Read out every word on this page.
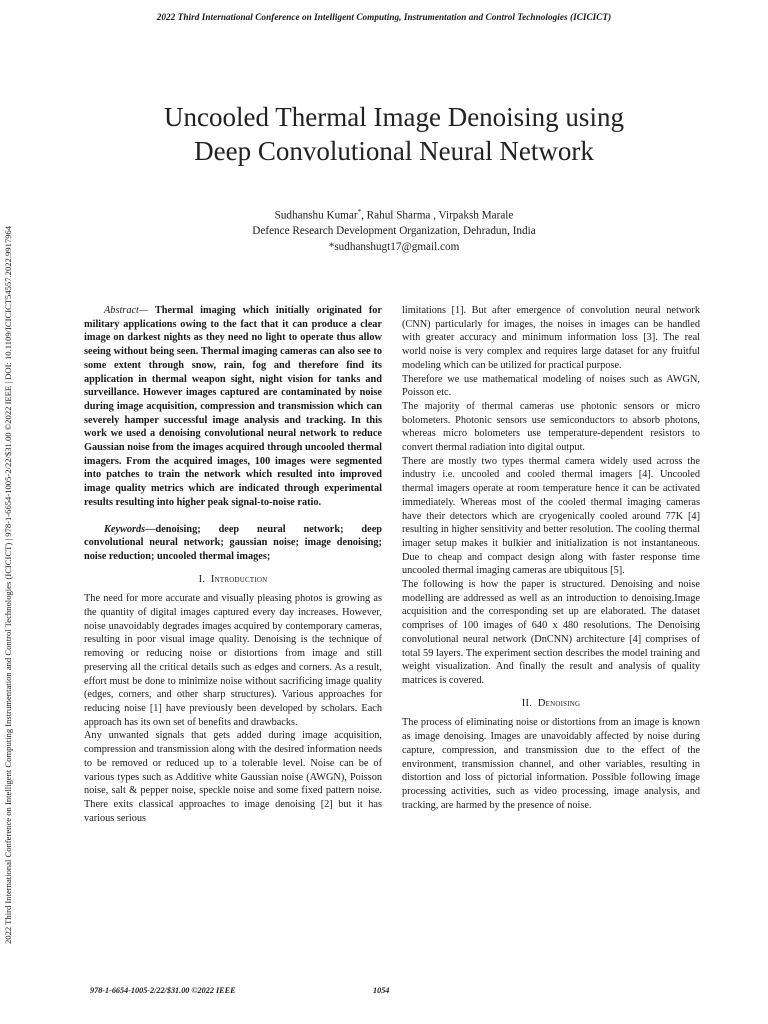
2022 Third International Conference on Intelligent Computing, Instrumentation and Control Technologies (ICICICT)
2022 Third International Conference on Intelligent Computing Instrumentation and Control Technologies (ICICICT) | 978-1-6654-1005-2/22/$31.00 ©2022 IEEE | DOI: 10.1109/ICICICT54557.2022.9917964
Uncooled Thermal Image Denoising using
Deep Convolutional Neural Network
Sudhanshu Kumar*, Rahul Sharma , Virpaksh Marale
Defence Research Development Organization, Dehradun, India
*sudhanshugt17@gmail.com

Abstract— Thermal imaging which initially originated for military applications owing to the fact that it can produce a clear image on darkest nights as they need no light to operate thus allow seeing without being seen. Thermal imaging cameras can also see to some extent through snow, rain, fog and therefore find its application in thermal weapon sight, night vision for tanks and surveillance. However images captured are contaminated by noise during image acquisition, compression and transmission which can severely hamper successful image analysis and tracking. In this work we used a denoising convolutional neural network to reduce Gaussian noise from the images acquired through uncooled thermal imagers. From the acquired images, 100 images were segmented into patches to train the network which resulted into improved image quality metrics which are indicated through experimental results resulting into higher peak signal-to-noise ratio.

Keywords—denoising; deep neural network; deep convolutional neural network; gaussian noise; image denoising; noise reduction; uncooled thermal images;

I. Introduction

The need for more accurate and visually pleasing photos is growing as the quantity of digital images captured every day increases. However, noise unavoidably degrades images acquired by contemporary cameras, resulting in poor visual image quality. Denoising is the technique of removing or reducing noise or distortions from image and still preserving all the critical details such as edges and corners. As a result, effort must be done to minimize noise without sacrificing image quality (edges, corners, and other sharp structures). Various approaches for reducing noise [1] have previously been developed by scholars. Each approach has its own set of benefits and drawbacks.

Any unwanted signals that gets added during image acquisition, compression and transmission along with the desired information needs to be removed or reduced up to a tolerable level. Noise can be of various types such as Additive white Gaussian noise (AWGN), Poisson noise, salt & pepper noise, speckle noise and some fixed pattern noise. There exits classical approaches to image denoising [2] but it has various serious

limitations [1]. But after emergence of convolution neural network (CNN) particularly for images, the noises in images can be handled with greater accuracy and minimum information loss [3]. The real world noise is very complex and requires large dataset for any fruitful modeling which can be utilized for practical purpose.

Therefore we use mathematical modeling of noises such as AWGN, Poisson etc.

The majority of thermal cameras use photonic sensors or micro bolometers. Photonic sensors use semiconductors to absorb photons, whereas micro bolometers use temperature-dependent resistors to convert thermal radiation into digital output.

There are mostly two types thermal camera widely used across the industry i.e. uncooled and cooled thermal imagers [4]. Uncooled thermal imagers operate at room temperature hence it can be activated immediately. Whereas most of the cooled thermal imaging cameras have their detectors which are cryogenically cooled around 77K [4] resulting in higher sensitivity and better resolution. The cooling thermal imager setup makes it bulkier and initialization is not instantaneous. Due to cheap and compact design along with faster response time uncooled thermal imaging cameras are ubiquitous [5].

The following is how the paper is structured. Denoising and noise modelling are addressed as well as an introduction to denoising.Image acquisition and the corresponding set up are elaborated. The dataset comprises of 100 images of 640 x 480 resolutions. The Denoising convolutional neural network (DnCNN) architecture [4] comprises of total 59 layers. The experiment section describes the model training and weight visualization. And finally the result and analysis of quality matrices is covered.

II. Denoising

The process of eliminating noise or distortions from an image is known as image denoising. Images are unavoidably affected by noise during capture, compression, and transmission due to the effect of the environment, transmission channel, and other variables, resulting in distortion and loss of pictorial information. Possible following image processing activities, such as video processing, image analysis, and tracking, are harmed by the presence of noise.

978-1-6654-1005-2/22/$31.00 ©2022 IEEE	1054
